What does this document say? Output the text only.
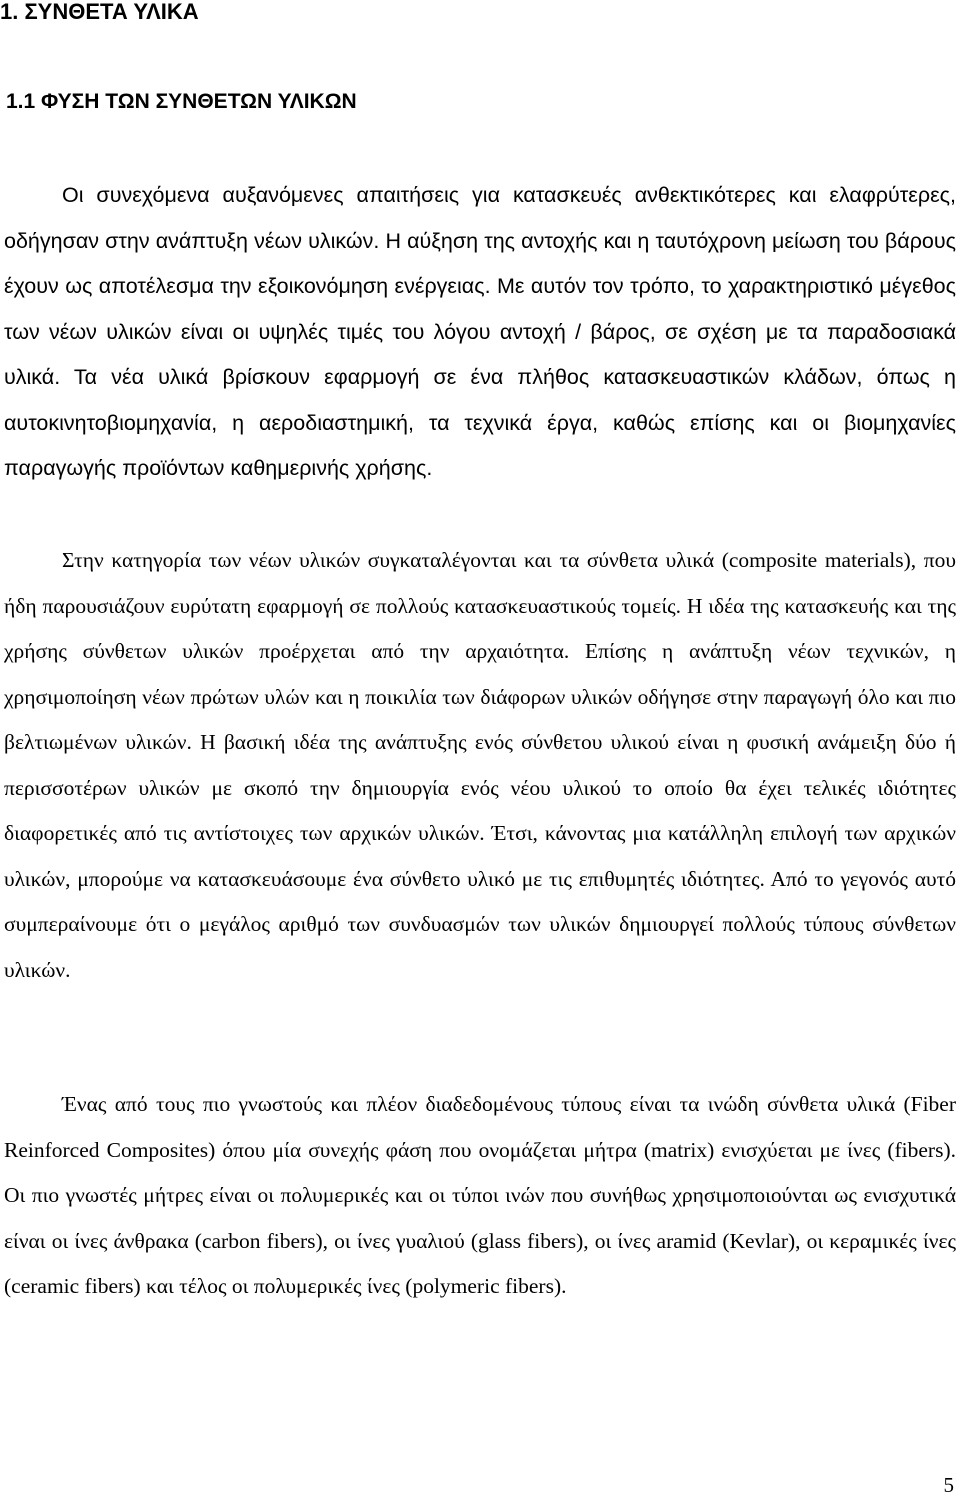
1. ΣΥΝΘΕΤΑ ΥΛΙΚΑ
1.1 ΦΥΣΗ ΤΩΝ ΣΥΝΘΕΤΩΝ ΥΛΙΚΩΝ

Οι συνεχόμενα αυξανόμενες απαιτήσεις για κατασκευές ανθεκτικότερες και ελαφρύτερες, οδήγησαν στην ανάπτυξη νέων υλικών. Η αύξηση της αντοχής και η ταυτόχρονη μείωση του βάρους έχουν ως αποτέλεσμα την εξοικονόμηση ενέργειας. Με αυτόν τον τρόπο, το χαρακτηριστικό μέγεθος των νέων υλικών είναι οι υψηλές τιμές του λόγου αντοχή / βάρος, σε σχέση με τα παραδοσιακά υλικά. Τα νέα υλικά βρίσκουν εφαρμογή σε ένα πλήθος κατασκευαστικών κλάδων, όπως η αυτοκινητοβιομηχανία, η αεροδιαστημική, τα τεχνικά έργα, καθώς επίσης και οι βιομηχανίες παραγωγής προϊόντων καθημερινής χρήσης.

Στην κατηγορία των νέων υλικών συγκαταλέγονται και τα σύνθετα υλικά (composite materials), που ήδη παρουσιάζουν ευρύτατη εφαρμογή σε πολλούς κατασκευαστικούς τομείς. Η ιδέα της κατασκευής και της χρήσης σύνθετων υλικών προέρχεται από την αρχαιότητα. Επίσης η ανάπτυξη νέων τεχνικών, η χρησιμοποίηση νέων πρώτων υλών και η ποικιλία των διάφορων υλικών οδήγησε στην παραγωγή όλο και πιο βελτιωμένων υλικών. Η βασική ιδέα της ανάπτυξης ενός σύνθετου υλικού είναι η φυσική ανάμειξη δύο ή περισσοτέρων υλικών με σκοπό την δημιουργία ενός νέου υλικού το οποίο θα έχει τελικές ιδιότητες διαφορετικές από τις αντίστοιχες των αρχικών υλικών. Έτσι, κάνοντας μια κατάλληλη επιλογή των αρχικών υλικών, μπορούμε να κατασκευάσουμε ένα σύνθετο υλικό με τις επιθυμητές ιδιότητες. Από το γεγονός αυτό συμπεραίνουμε ότι ο μεγάλος αριθμό των συνδυασμών των υλικών δημιουργεί πολλούς τύπους σύνθετων υλικών.

Ένας από τους πιο γνωστούς και πλέον διαδεδομένους τύπους είναι τα ινώδη σύνθετα υλικά (Fiber Reinforced Composites) όπου μία συνεχής φάση που ονομάζεται μήτρα (matrix) ενισχύεται με ίνες (fibers). Οι πιο γνωστές μήτρες είναι οι πολυμερικές και οι τύποι ινών που συνήθως χρησιμοποιούνται ως ενισχυτικά είναι οι ίνες άνθρακα (carbon fibers), οι ίνες γυαλιού (glass fibers), οι ίνες aramid (Kevlar), οι κεραμικές ίνες (ceramic fibers) και τέλος οι πολυμερικές ίνες (polymeric fibers).

5
